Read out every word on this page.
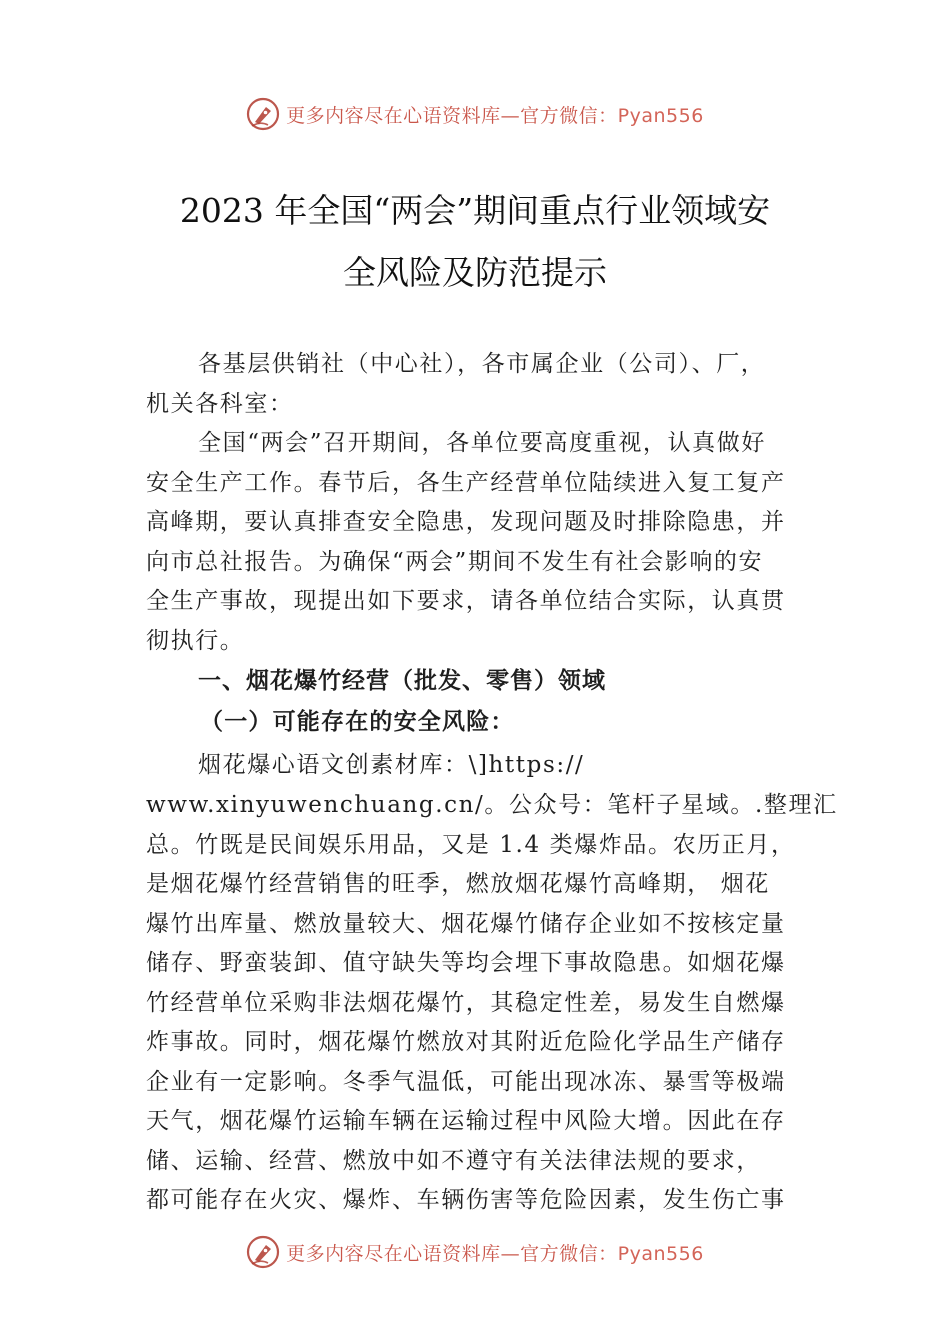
更多内容尽在心语资料库—官方微信：Pyan556
2023 年全国“两会”期间重点行业领域安
全风险及防范提示
各基层供销社（中心社），各市属企业（公司）、厂，
机关各科室：
全国“两会”召开期间，各单位要高度重视，认真做好
安全生产工作。春节后，各生产经营单位陆续进入复工复产
高峰期，要认真排查安全隐患，发现问题及时排除隐患，并
向市总社报告。为确保“两会”期间不发生有社会影响的安
全生产事故，现提出如下要求，请各单位结合实际，认真贯
彻执行。
一、烟花爆竹经营（批发、零售）领域
（一）可能存在的安全风险：
烟花爆心语文创素材库：\]https://
www.xinyuwenchuang.cn/。公众号：笔杆子星域。.整理汇
总。竹既是民间娱乐用品，又是 1.4 类爆炸品。农历正月，
是烟花爆竹经营销售的旺季，燃放烟花爆竹高峰期， 烟花
爆竹出库量、燃放量较大、烟花爆竹储存企业如不按核定量
储存、野蛮装卸、值守缺失等均会埋下事故隐患。如烟花爆
竹经营单位采购非法烟花爆竹，其稳定性差，易发生自燃爆
炸事故。同时，烟花爆竹燃放对其附近危险化学品生产储存
企业有一定影响。冬季气温低，可能出现冰冻、暴雪等极端
天气，烟花爆竹运输车辆在运输过程中风险大增。因此在存
储、运输、经营、燃放中如不遵守有关法律法规的要求，
都可能存在火灾、爆炸、车辆伤害等危险因素，发生伤亡事
更多内容尽在心语资料库—官方微信：Pyan556
